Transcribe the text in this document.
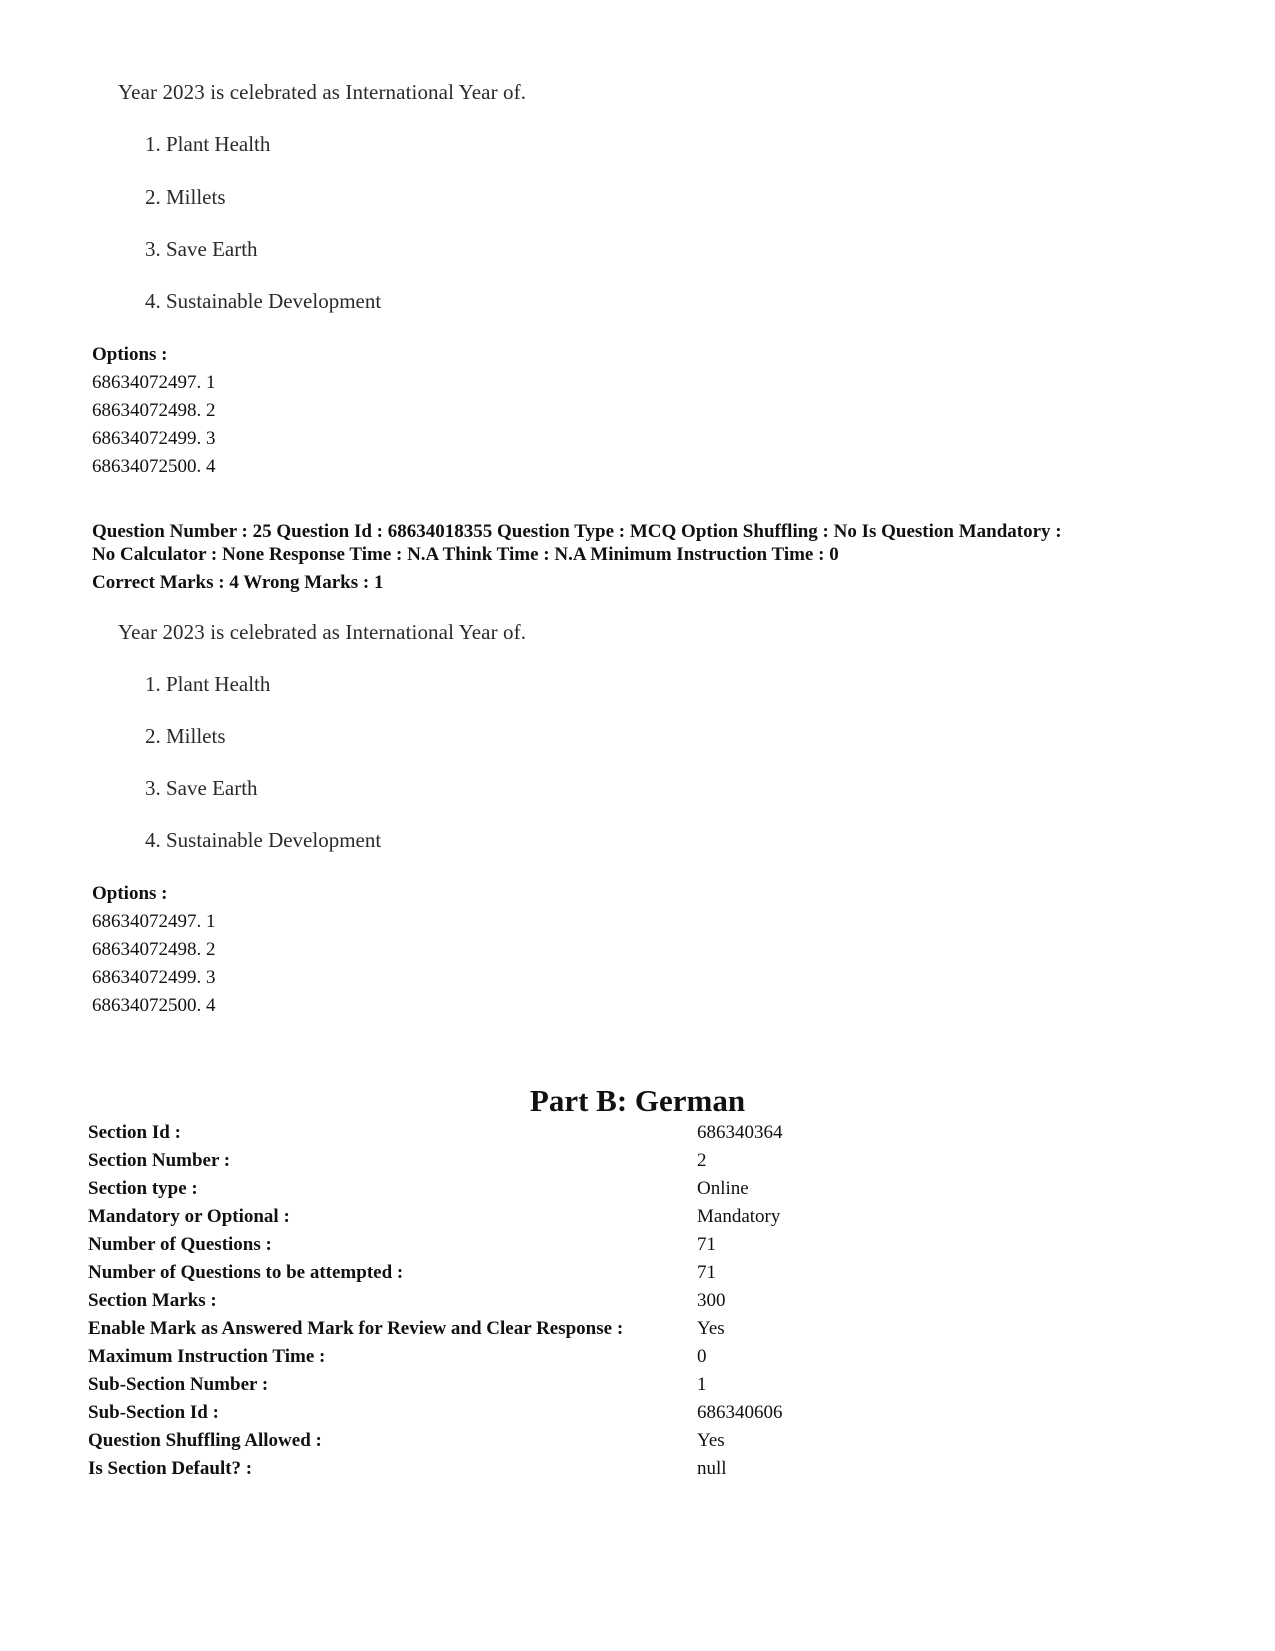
Year 2023 is celebrated as International Year of.
1. Plant Health
2. Millets
3. Save Earth
4. Sustainable Development
Options :
68634072497. 1
68634072498. 2
68634072499. 3
68634072500. 4
Question Number : 25 Question Id : 68634018355 Question Type : MCQ Option Shuffling : No Is Question Mandatory :
No Calculator : None Response Time : N.A Think Time : N.A Minimum Instruction Time : 0
Correct Marks : 4 Wrong Marks : 1
Year 2023 is celebrated as International Year of.
1. Plant Health
2. Millets
3. Save Earth
4. Sustainable Development
Options :
68634072497. 1
68634072498. 2
68634072499. 3
68634072500. 4
Part B: German
Section Id :	686340364
Section Number :	2
Section type :	Online
Mandatory or Optional :	Mandatory
Number of Questions :	71
Number of Questions to be attempted :	71
Section Marks :	300
Enable Mark as Answered Mark for Review and Clear Response :	Yes
Maximum Instruction Time :	0
Sub-Section Number :	1
Sub-Section Id :	686340606
Question Shuffling Allowed :	Yes
Is Section Default? :	null
